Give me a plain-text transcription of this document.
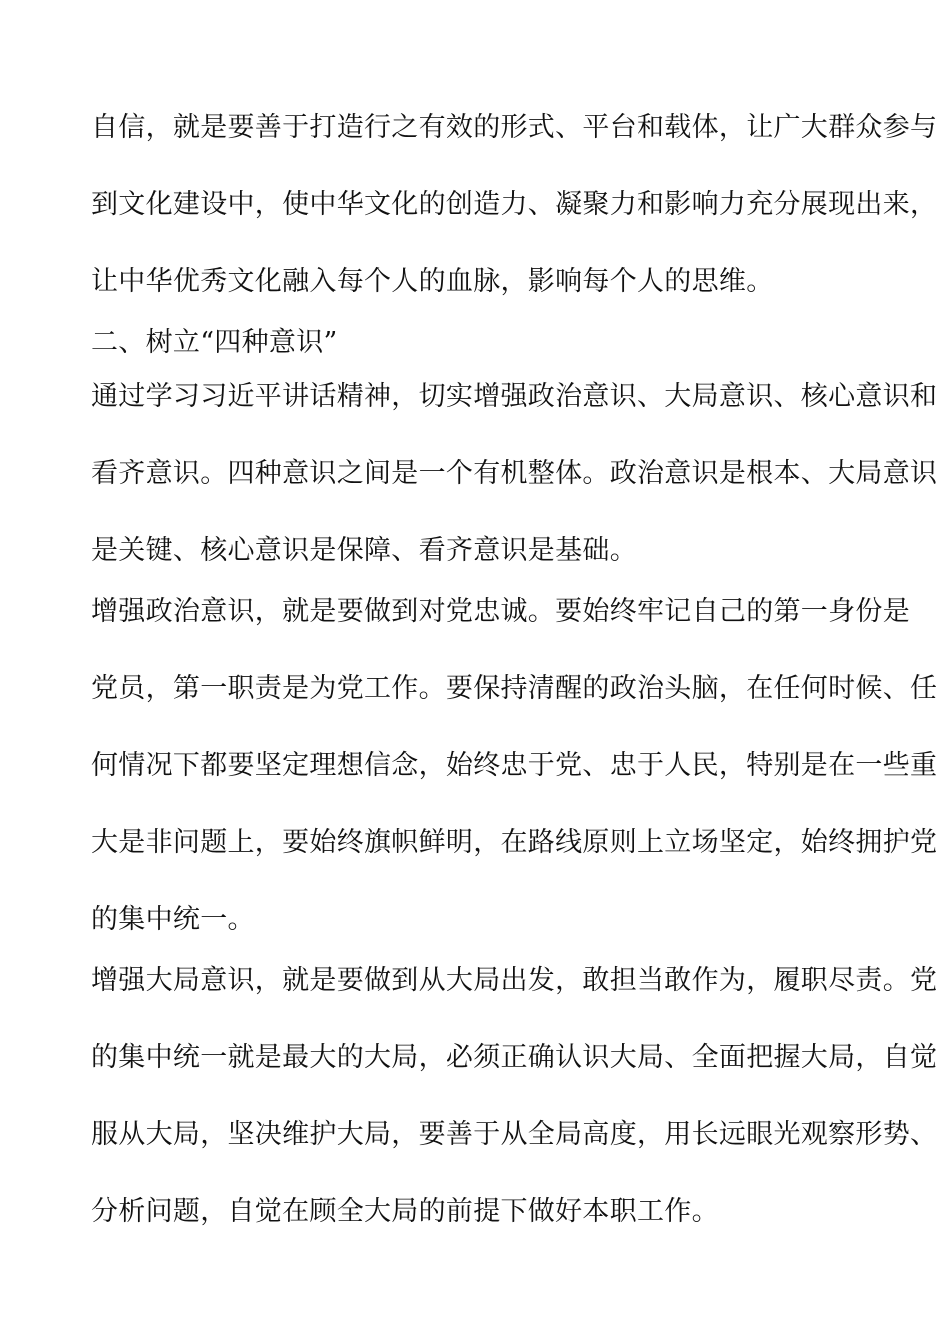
自信，就是要善于打造行之有效的形式、平台和载体，让广大群众参与
到文化建设中，使中华文化的创造力、凝聚力和影响力充分展现出来，
让中华优秀文化融入每个人的血脉，影响每个人的思维。

二、树立“四种意识”

通过学习习近平讲话精神，切实增强政治意识、大局意识、核心意识和
看齐意识。四种意识之间是一个有机整体。政治意识是根本、大局意识
是关键、核心意识是保障、看齐意识是基础。

增强政治意识，就是要做到对党忠诚。要始终牢记自己的第一身份是
党员，第一职责是为党工作。要保持清醒的政治头脑，在任何时候、任
何情况下都要坚定理想信念，始终忠于党、忠于人民，特别是在一些重
大是非问题上，要始终旗帜鲜明，在路线原则上立场坚定，始终拥护党
的集中统一。

增强大局意识，就是要做到从大局出发，敢担当敢作为，履职尽责。党
的集中统一就是最大的大局，必须正确认识大局、全面把握大局，自觉
服从大局，坚决维护大局，要善于从全局高度，用长远眼光观察形势、
分析问题，自觉在顾全大局的前提下做好本职工作。
